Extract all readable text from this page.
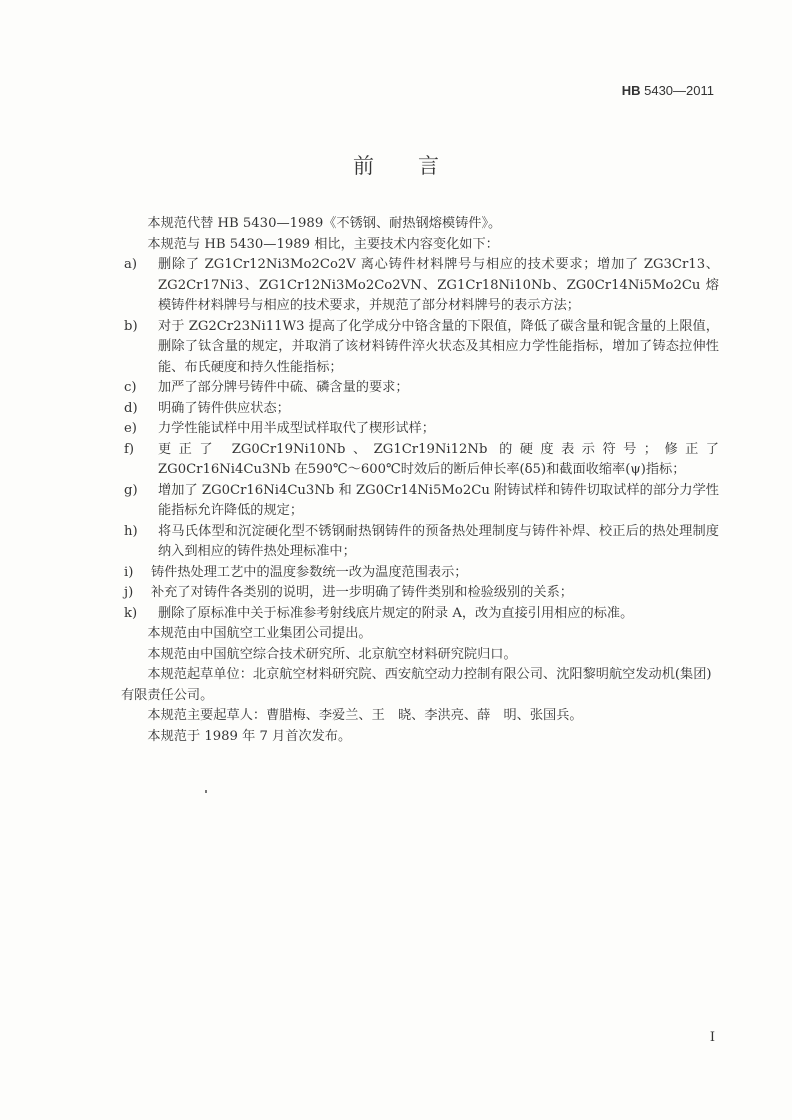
HB 5430—2011
前言

本规范代替 HB 5430—1989《不锈钢、耐热钢熔模铸件》。

本规范与 HB 5430—1989 相比，主要技术内容变化如下：

a) 删除了 ZG1Cr12Ni3Mo2Co2V 离心铸件材料牌号与相应的技术要求；增加了 ZG3Cr13、ZG2Cr17Ni3、ZG1Cr12Ni3Mo2Co2VN、ZG1Cr18Ni10Nb、ZG0Cr14Ni5Mo2Cu 熔模铸件材料牌号与相应的技术要求，并规范了部分材料牌号的表示方法；
b) 对于 ZG2Cr23Ni11W3 提高了化学成分中铬含量的下限值，降低了碳含量和铌含量的上限值，删除了钛含量的规定，并取消了该材料铸件淬火状态及其相应力学性能指标，增加了铸态拉伸性能、布氏硬度和持久性能指标；
c) 加严了部分牌号铸件中硫、磷含量的要求；
d) 明确了铸件供应状态；
e) 力学性能试样中用半成型试样取代了楔形试样；
f) 更正了 ZG0Cr19Ni10Nb、ZG1Cr19Ni12Nb 的硬度表示符号；修正了 ZG0Cr16Ni4Cu3Nb 在590℃～600℃时效后的断后伸长率(δ5)和截面收缩率(ψ)指标；
g) 增加了 ZG0Cr16Ni4Cu3Nb 和 ZG0Cr14Ni5Mo2Cu 附铸试样和铸件切取试样的部分力学性能指标允许降低的规定；
h) 将马氏体型和沉淀硬化型不锈钢耐热钢铸件的预备热处理制度与铸件补焊、校正后的热处理制度纳入到相应的铸件热处理标准中；
i) 铸件热处理工艺中的温度参数统一改为温度范围表示；
j) 补充了对铸件各类别的说明，进一步明确了铸件类别和检验级别的关系；
k) 删除了原标准中关于标准参考射线底片规定的附录 A，改为直接引用相应的标准。

本规范由中国航空工业集团公司提出。

本规范由中国航空综合技术研究所、北京航空材料研究院归口。

本规范起草单位：北京航空材料研究院、西安航空动力控制有限公司、沈阳黎明航空发动机(集团)有限责任公司。

本规范主要起草人：曹腊梅、李爱兰、王　晓、李洪亮、薛　明、张国兵。

本规范于 1989 年 7 月首次发布。

I
